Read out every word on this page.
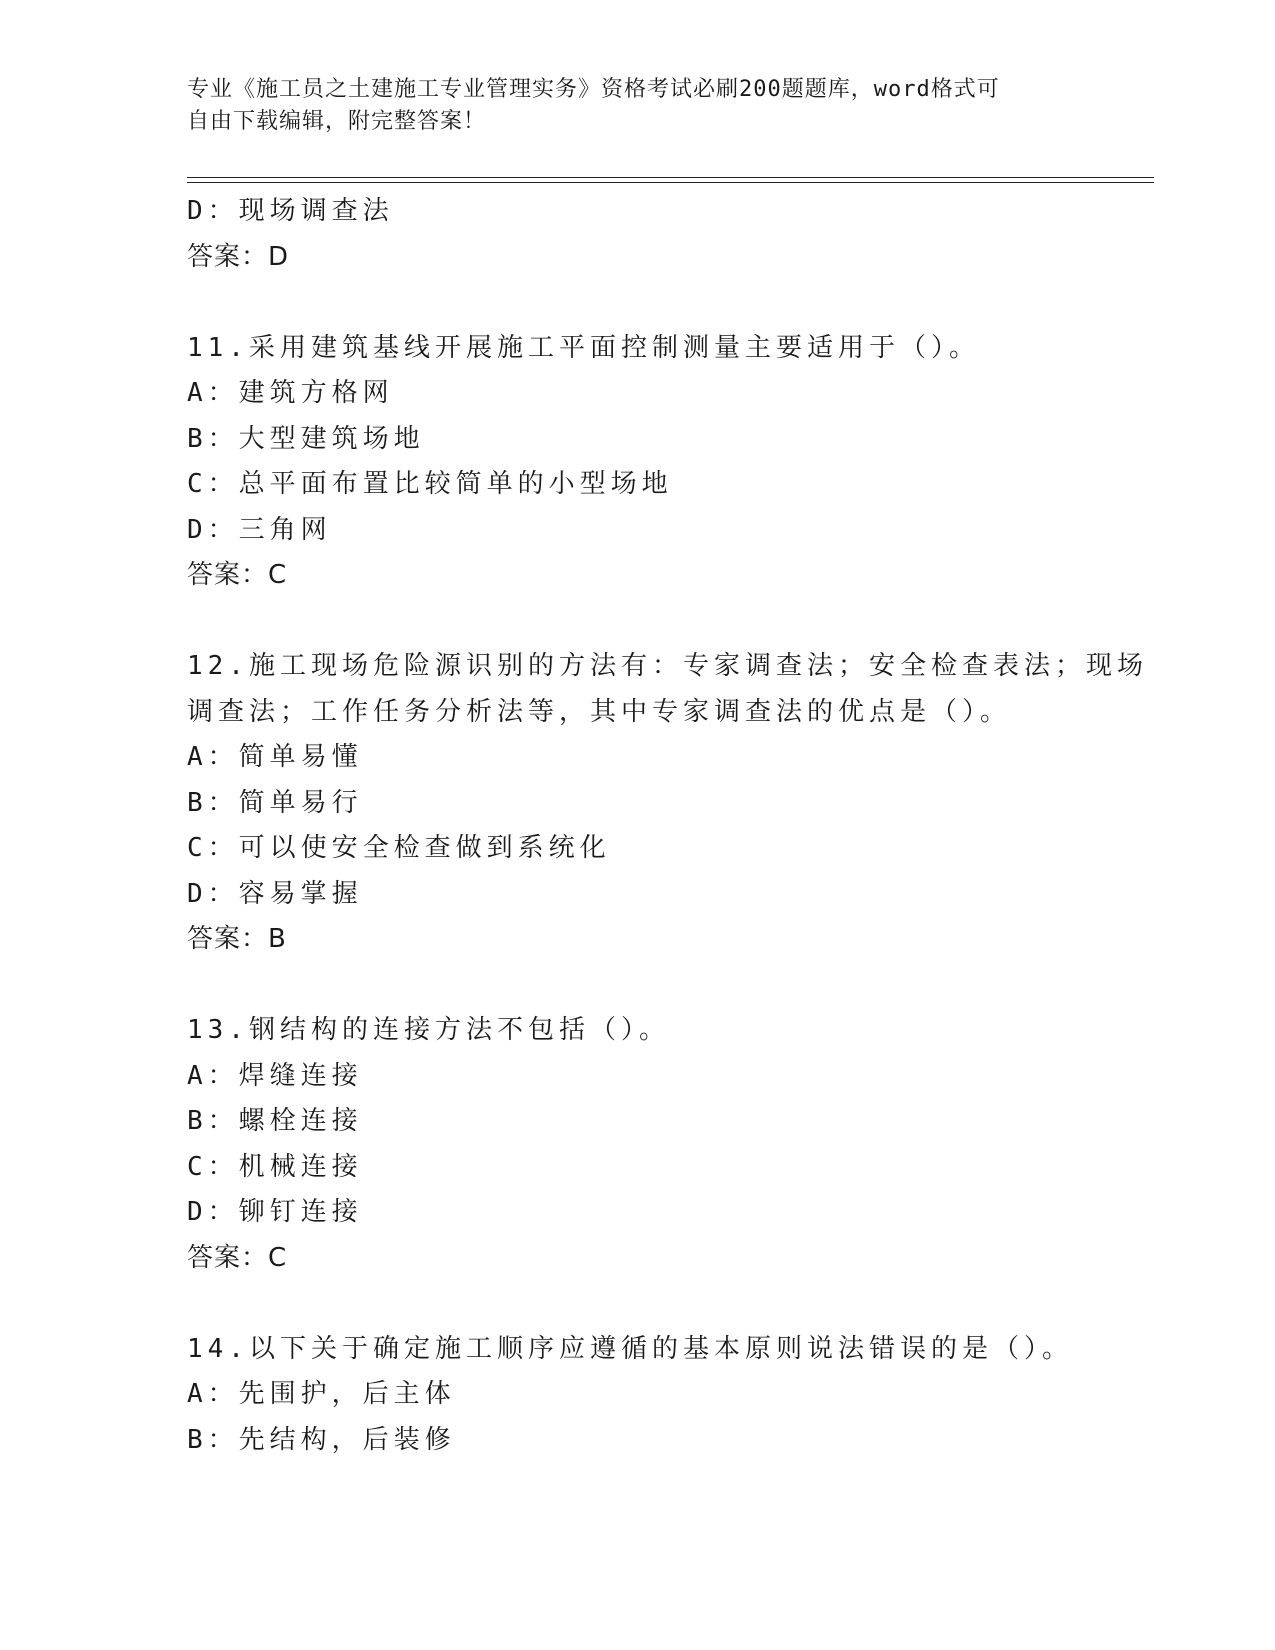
专业《施工员之土建施工专业管理实务》资格考试必刷200题题库，word格式可
自由下载编辑，附完整答案！
D：现场调查法
答案：D
11.采用建筑基线开展施工平面控制测量主要适用于（）。
A：建筑方格网
B：大型建筑场地
C：总平面布置比较简单的小型场地
D：三角网
答案：C
12.施工现场危险源识别的方法有：专家调查法；安全检查表法；现场
调查法；工作任务分析法等，其中专家调查法的优点是（）。
A：简单易懂
B：简单易行
C：可以使安全检查做到系统化
D：容易掌握
答案：B
13.钢结构的连接方法不包括（）。
A：焊缝连接
B：螺栓连接
C：机械连接
D：铆钉连接
答案：C
14.以下关于确定施工顺序应遵循的基本原则说法错误的是（）。
A：先围护，后主体
B：先结构，后装修
